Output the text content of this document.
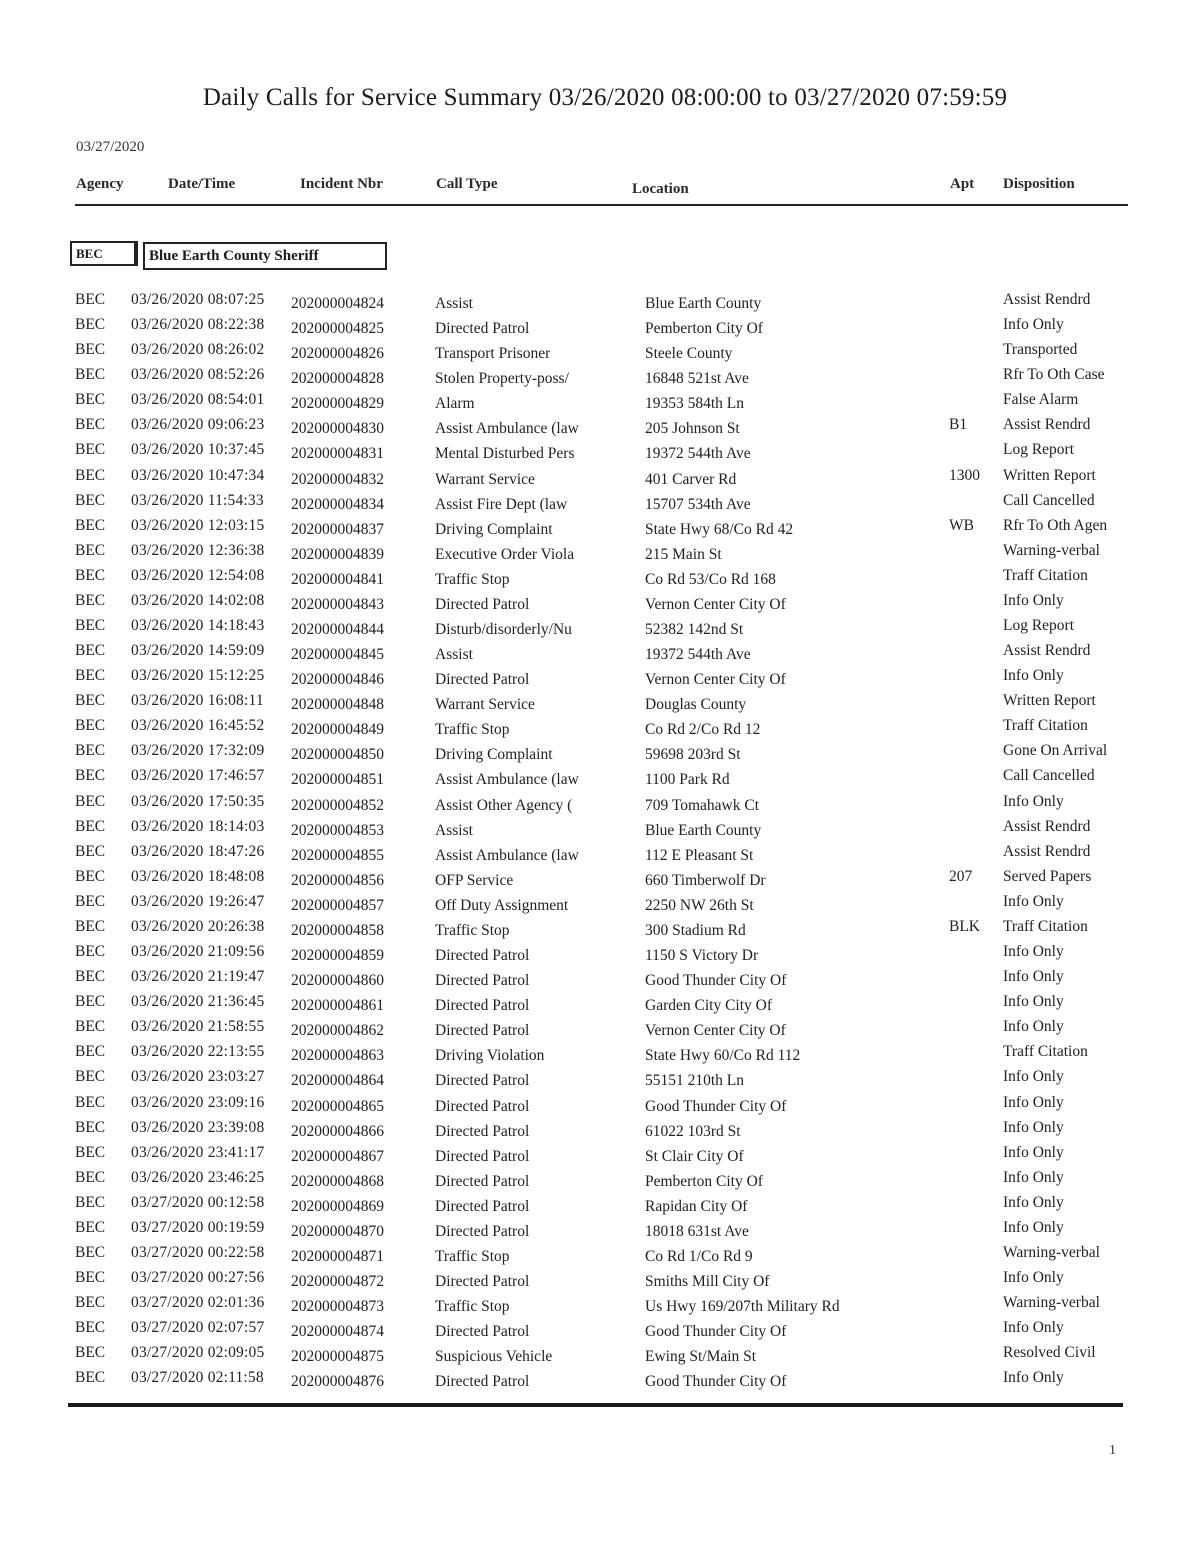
Daily Calls for Service Summary 03/26/2020 08:00:00 to 03/27/2020 07:59:59
03/27/2020
Agency	Date/Time	Incident Nbr	Call Type	Location	Apt Disposition
BEC	Blue Earth County Sheriff
BEC 03/26/2020 08:07:25 202000004824	Assist	Blue Earth County	Assist Rendrd
BEC 03/26/2020 08:22:38 202000004825	Directed Patrol	Pemberton City Of	Info Only
BEC 03/26/2020 08:26:02 202000004826	Transport Prisoner	Steele County	Transported
BEC 03/26/2020 08:52:26 202000004828	Stolen Property-poss/	16848 521st Ave	Rfr To Oth Case
BEC 03/26/2020 08:54:01 202000004829	Alarm	19353 584th Ln	False Alarm
BEC 03/26/2020 09:06:23 202000004830	Assist Ambulance (law	205 Johnson St	B1 Assist Rendrd
BEC 03/26/2020 10:37:45 202000004831	Mental Disturbed Pers	19372 544th Ave	Log Report
BEC 03/26/2020 10:47:34 202000004832	Warrant Service	401 Carver Rd	1300 Written Report
BEC 03/26/2020 11:54:33 202000004834	Assist Fire Dept (law	15707 534th Ave	Call Cancelled
BEC 03/26/2020 12:03:15 202000004837	Driving Complaint	State Hwy 68/Co Rd 42	WB Rfr To Oth Agen
BEC 03/26/2020 12:36:38 202000004839	Executive Order Viola	215 Main St	Warning-verbal
BEC 03/26/2020 12:54:08 202000004841	Traffic Stop	Co Rd 53/Co Rd 168	Traff Citation
BEC 03/26/2020 14:02:08 202000004843	Directed Patrol	Vernon Center City Of	Info Only
BEC 03/26/2020 14:18:43 202000004844	Disturb/disorderly/Nu	52382 142nd St	Log Report
BEC 03/26/2020 14:59:09 202000004845	Assist	19372 544th Ave	Assist Rendrd
BEC 03/26/2020 15:12:25 202000004846	Directed Patrol	Vernon Center City Of	Info Only
BEC 03/26/2020 16:08:11 202000004848	Warrant Service	Douglas County	Written Report
BEC 03/26/2020 16:45:52 202000004849	Traffic Stop	Co Rd 2/Co Rd 12	Traff Citation
BEC 03/26/2020 17:32:09 202000004850	Driving Complaint	59698 203rd St	Gone On Arrival
BEC 03/26/2020 17:46:57 202000004851	Assist Ambulance (law	1100 Park Rd	Call Cancelled
BEC 03/26/2020 17:50:35 202000004852	Assist Other Agency (	709 Tomahawk Ct	Info Only
BEC 03/26/2020 18:14:03 202000004853	Assist	Blue Earth County	Assist Rendrd
BEC 03/26/2020 18:47:26 202000004855	Assist Ambulance (law	112 E Pleasant St	Assist Rendrd
BEC 03/26/2020 18:48:08 202000004856	OFP Service	660 Timberwolf Dr	207 Served Papers
BEC 03/26/2020 19:26:47 202000004857	Off Duty Assignment	2250 NW 26th St	Info Only
BEC 03/26/2020 20:26:38 202000004858	Traffic Stop	300 Stadium Rd	BLK Traff Citation
BEC 03/26/2020 21:09:56 202000004859	Directed Patrol	1150 S Victory Dr	Info Only
BEC 03/26/2020 21:19:47 202000004860	Directed Patrol	Good Thunder City Of	Info Only
BEC 03/26/2020 21:36:45 202000004861	Directed Patrol	Garden City City Of	Info Only
BEC 03/26/2020 21:58:55 202000004862	Directed Patrol	Vernon Center City Of	Info Only
BEC 03/26/2020 22:13:55 202000004863	Driving Violation	State Hwy 60/Co Rd 112	Traff Citation
BEC 03/26/2020 23:03:27 202000004864	Directed Patrol	55151 210th Ln	Info Only
BEC 03/26/2020 23:09:16 202000004865	Directed Patrol	Good Thunder City Of	Info Only
BEC 03/26/2020 23:39:08 202000004866	Directed Patrol	61022 103rd St	Info Only
BEC 03/26/2020 23:41:17 202000004867	Directed Patrol	St Clair City Of	Info Only
BEC 03/26/2020 23:46:25 202000004868	Directed Patrol	Pemberton City Of	Info Only
BEC 03/27/2020 00:12:58 202000004869	Directed Patrol	Rapidan City Of	Info Only
BEC 03/27/2020 00:19:59 202000004870	Directed Patrol	18018 631st Ave	Info Only
BEC 03/27/2020 00:22:58 202000004871	Traffic Stop	Co Rd 1/Co Rd 9	Warning-verbal
BEC 03/27/2020 00:27:56 202000004872	Directed Patrol	Smiths Mill City Of	Info Only
BEC 03/27/2020 02:01:36 202000004873	Traffic Stop	Us Hwy 169/207th Military Rd	Warning-verbal
BEC 03/27/2020 02:07:57 202000004874	Directed Patrol	Good Thunder City Of	Info Only
BEC 03/27/2020 02:09:05 202000004875	Suspicious Vehicle	Ewing St/Main St	Resolved Civil
BEC 03/27/2020 02:11:58 202000004876	Directed Patrol	Good Thunder City Of	Info Only
1
